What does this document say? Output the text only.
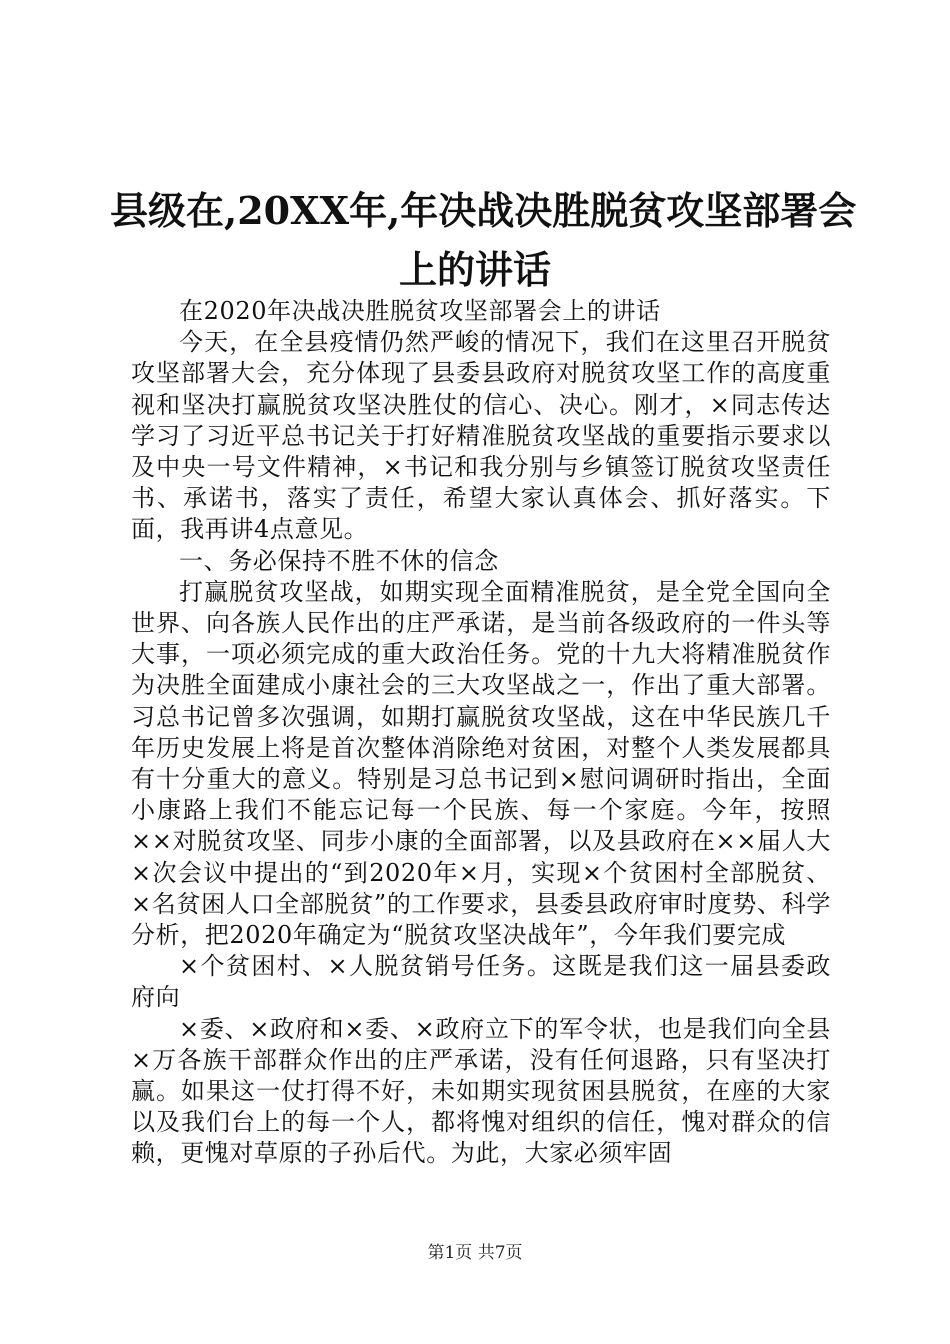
县级在,20XX年,年决战决胜脱贫攻坚部署会
上的讲话

在2020年决战决胜脱贫攻坚部署会上的讲话

今天，在全县疫情仍然严峻的情况下，我们在这里召开脱贫攻坚部署大会，充分体现了县委县政府对脱贫攻坚工作的高度重视和坚决打赢脱贫攻坚决胜仗的信心、决心。刚才，×同志传达学习了习近平总书记关于打好精准脱贫攻坚战的重要指示要求以及中央一号文件精神，×书记和我分别与乡镇签订脱贫攻坚责任书、承诺书，落实了责任，希望大家认真体会、抓好落实。下面，我再讲4点意见。

一、务必保持不胜不休的信念

打赢脱贫攻坚战，如期实现全面精准脱贫，是全党全国向全世界、向各族人民作出的庄严承诺，是当前各级政府的一件头等大事，一项必须完成的重大政治任务。党的十九大将精准脱贫作为决胜全面建成小康社会的三大攻坚战之一，作出了重大部署。习总书记曾多次强调，如期打赢脱贫攻坚战，这在中华民族几千年历史发展上将是首次整体消除绝对贫困，对整个人类发展都具有十分重大的意义。特别是习总书记到×慰问调研时指出，全面小康路上我们不能忘记每一个民族、每一个家庭。今年，按照××对脱贫攻坚、同步小康的全面部署，以及县政府在××届人大×次会议中提出的“到2020年×月，实现×个贫困村全部脱贫、×名贫困人口全部脱贫”的工作要求，县委县政府审时度势、科学分析，把2020年确定为“脱贫攻坚决战年”，今年我们要完成

×个贫困村、×人脱贫销号任务。这既是我们这一届县委政府向

×委、×政府和×委、×政府立下的军令状，也是我们向全县×万各族干部群众作出的庄严承诺，没有任何退路，只有坚决打赢。如果这一仗打得不好，未如期实现贫困县脱贫，在座的大家以及我们台上的每一个人，都将愧对组织的信任，愧对群众的信赖，更愧对草原的子孙后代。为此，大家必须牢固

第1页 共7页
